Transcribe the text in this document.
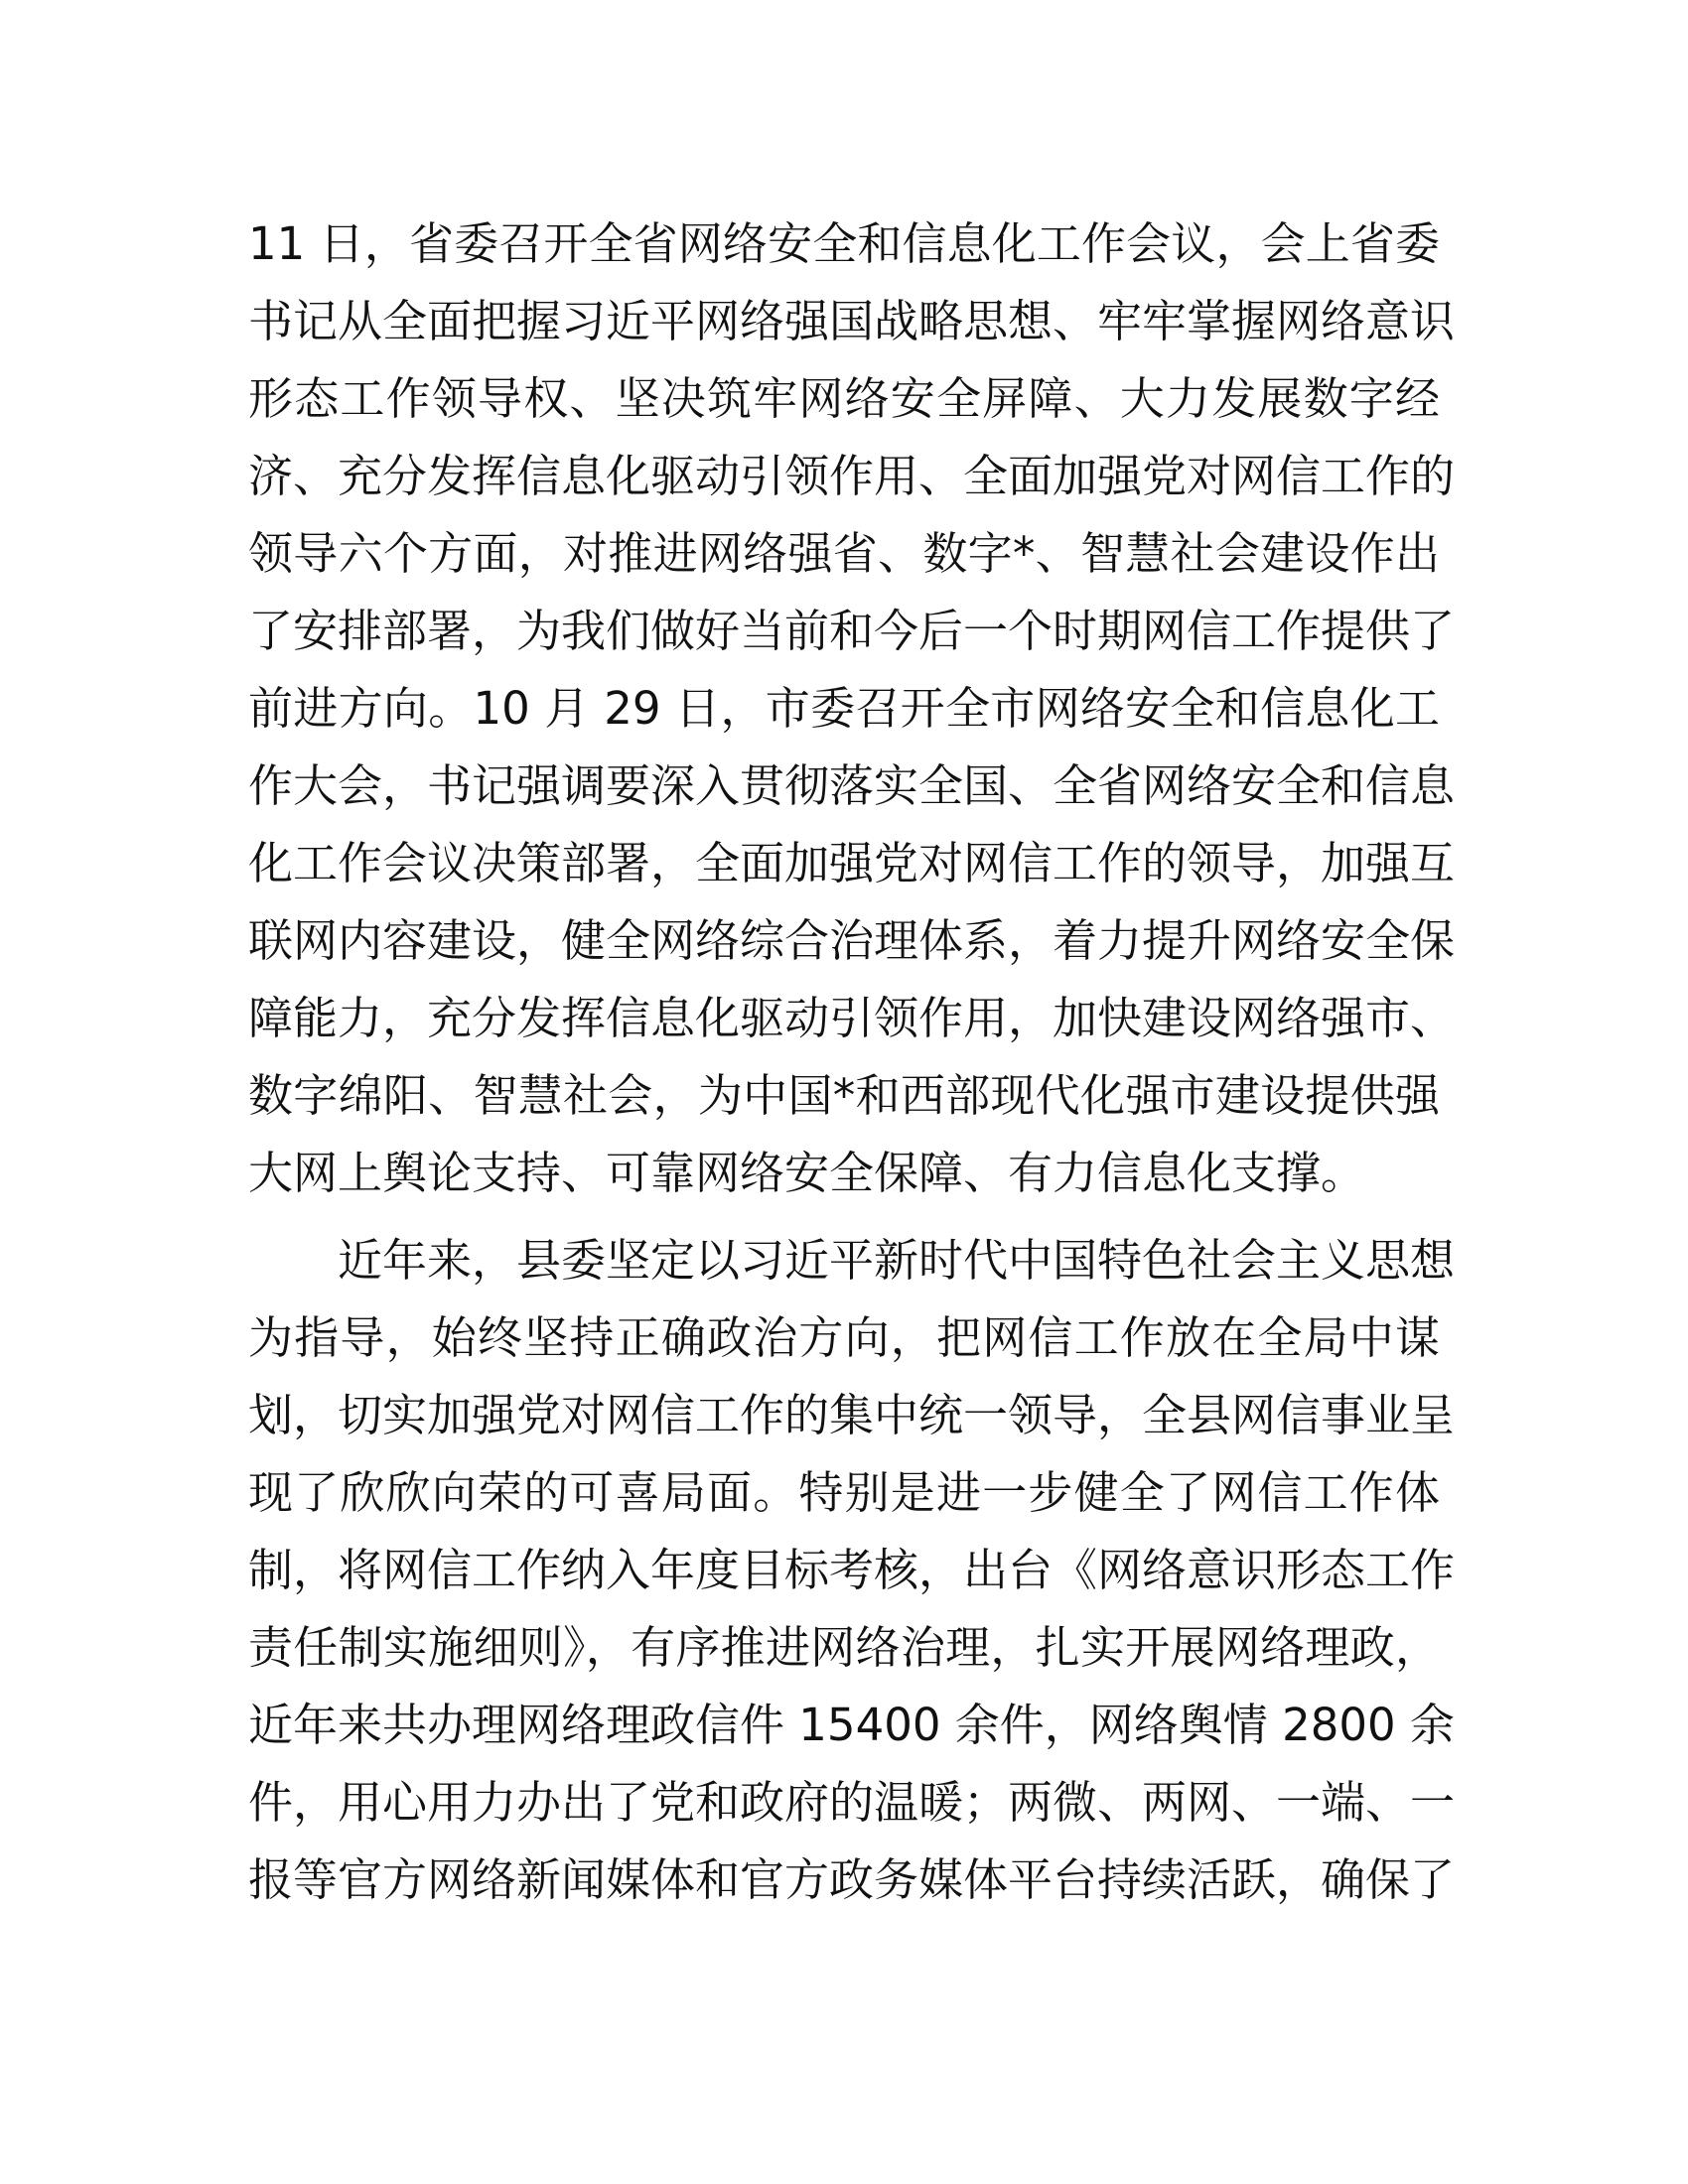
11 日，省委召开全省网络安全和信息化工作会议，会上省委
书记从全面把握习近平网络强国战略思想、牢牢掌握网络意识
形态工作领导权、坚决筑牢网络安全屏障、大力发展数字经
济、充分发挥信息化驱动引领作用、全面加强党对网信工作的
领导六个方面，对推进网络强省、数字*、智慧社会建设作出
了安排部署，为我们做好当前和今后一个时期网信工作提供了
前进方向。10 月 29 日，市委召开全市网络安全和信息化工
作大会，书记强调要深入贯彻落实全国、全省网络安全和信息
化工作会议决策部署，全面加强党对网信工作的领导，加强互
联网内容建设，健全网络综合治理体系，着力提升网络安全保
障能力，充分发挥信息化驱动引领作用，加快建设网络强市、
数字绵阳、智慧社会，为中国*和西部现代化强市建设提供强
大网上舆论支持、可靠网络安全保障、有力信息化支撑。
近年来，县委坚定以习近平新时代中国特色社会主义思想
为指导，始终坚持正确政治方向，把网信工作放在全局中谋
划，切实加强党对网信工作的集中统一领导，全县网信事业呈
现了欣欣向荣的可喜局面。特别是进一步健全了网信工作体
制，将网信工作纳入年度目标考核，出台《网络意识形态工作
责任制实施细则》，有序推进网络治理，扎实开展网络理政，
近年来共办理网络理政信件 15400 余件，网络舆情 2800 余
件，用心用力办出了党和政府的温暖；两微、两网、一端、一
报等官方网络新闻媒体和官方政务媒体平台持续活跃，确保了
